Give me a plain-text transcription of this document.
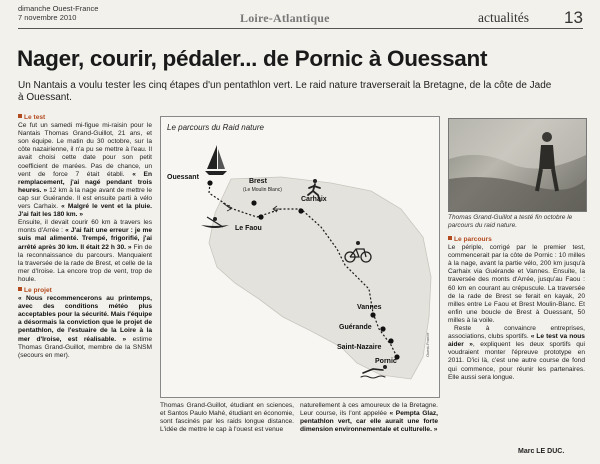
dimanche Ouest-France
7 novembre 2010	Loire-Atlantique	actualités 13
Nager, courir, pédaler... de Pornic à Ouessant
Un Nantais a voulu tester les cinq étapes d'un pentathlon vert. Le raid nature traverserait la Bretagne, de la côte de Jade à Ouessant.

Le test

Ce fut un samedi mi-figue mi-raisin pour le Nantais Thomas Grand-Guillot, 21 ans, et son équipe. Le matin du 30 octobre, sur la côte nazairienne, il n'a pu se mettre à l'eau. Il avait choisi cette date pour son petit coefficient de marées. Pas de chance, un vent de force 7 était établi. « En remplacement, j'ai nagé pendant trois heures. » 12 km à la nage avant de mettre le cap sur Guérande. Il est ensuite parti à vélo vers Carhaix. « Malgré le vent et la pluie. J'ai fait les 180 km. »

Ensuite, il devait courir 60 km à travers les monts d'Arrée : « J'ai fait une erreur : je me suis mal alimenté. Trempé, frigorifié, j'ai arrêté après 30 km. Il était 22 h 30. » Fin de la reconnaissance du parcours. Manquaient la traversée de la rade de Brest, et celle de la mer d'Iroise. La encore trop de vent, trop de houle.

Le projet

« Nous recommencerons au printemps, avec des conditions météo plus acceptables pour la sécurité. Mais l'équipe a désormais la conviction que le projet de pentathlon, de l'estuaire de la Loire à la mer d'Iroise, est réalisable. » estime Thomas Grand-Guillot, membre de la SNSM (secours en mer).

Le parcours du Raid nature
Ouessant
Brest
(Le Moulin Blanc)
Le Faou
Carhaix
Vannes
Guérande
Saint-Nazaire
Pornic
Ouest-France

Thomas Grand-Guillot, étudiant en sciences, et Santos Paulo Mahé, étudiant en économie, sont fascinés par les raids longue distance. L'idée de mettre le cap à l'ouest est venue

naturellement à ces amoureux de la Bretagne. Leur course, ils l'ont appelée « Pempta Glaz, pentathlon vert, car elle aurait une forte dimension environnementale et culturelle. »

Thomas Grand-Guillot a testé fin octobre le parcours du raid nature.

Le parcours

Le périple, corrigé par le premier test, commencerait par la côte de Pornic : 10 milles à la nage, avant la partie vélo, 200 km jusqu'à Carhaix via Guérande et Vannes. Ensuite, la traversée des monts d'Arrée, jusqu'au Faou : 60 km en courant au crépuscule. La traversée de la rade de Brest se ferait en kayak, 20 milles entre Le Faou et Brest Moulin-Blanc. Et enfin une boucle de Brest à Ouessant, 50 milles à la voile.

Reste à convaincre entreprises, associations, clubs sportifs. « Le test va nous aider », expliquent les deux sportifs qui voudraient monter l'épreuve prototype en 2011. D'ici là, c'est une autre course de fond qui commence, pour réunir les partenaires. Elle aussi sera longue.

Marc LE DUC.
